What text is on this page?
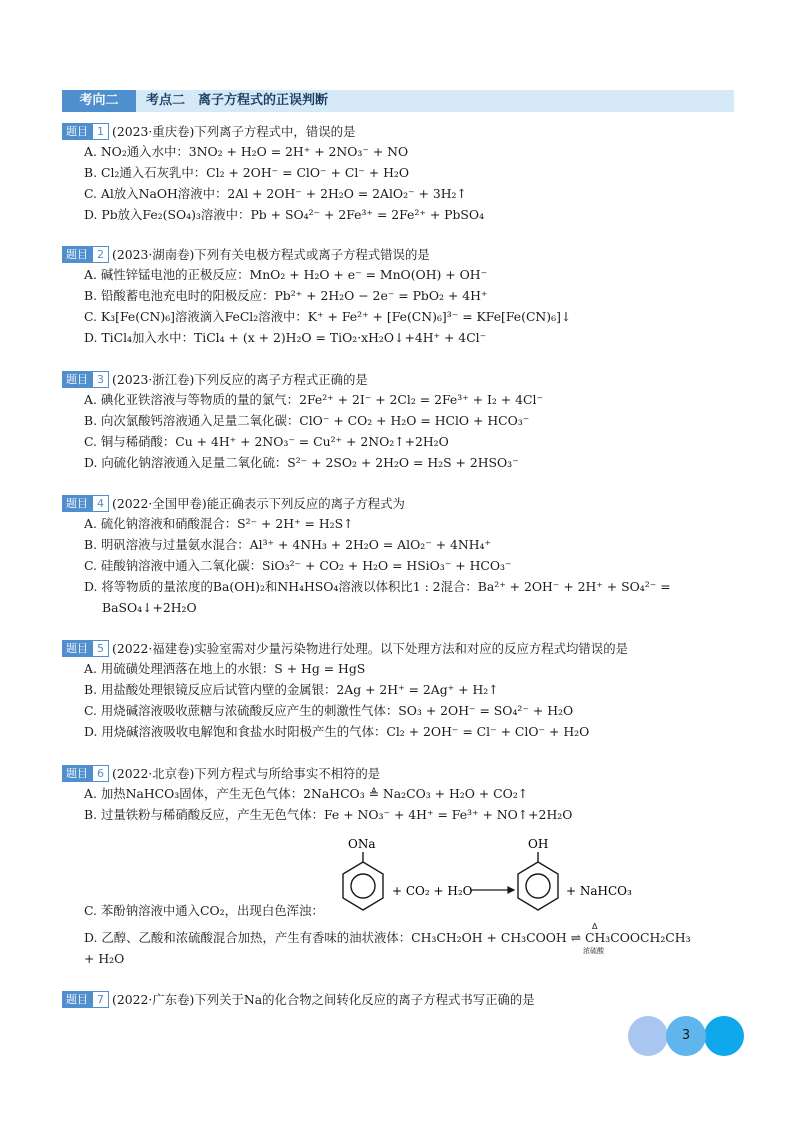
考向二	考点二　离子方程式的正误判断
题目 1 (2023·重庆卷)下列离子方程式中，错误的是
A. NO₂通入水中：3NO₂ + H₂O = 2H⁺ + 2NO₃⁻ + NO
B. Cl₂通入石灰乳中：Cl₂ + 2OH⁻ = ClO⁻ + Cl⁻ + H₂O
C. Al放入NaOH溶液中：2Al + 2OH⁻ + 2H₂O = 2AlO₂⁻ + 3H₂↑
D. Pb放入Fe₂(SO₄)₃溶液中：Pb + SO₄²⁻ + 2Fe³⁺ = 2Fe²⁺ + PbSO₄
题目 2 (2023·湖南卷)下列有关电极方程式或离子方程式错误的是
A. 碱性锌锰电池的正极反应：MnO₂ + H₂O + e⁻ = MnO(OH) + OH⁻
B. 铅酸蓄电池充电时的阳极反应：Pb²⁺ + 2H₂O − 2e⁻ = PbO₂ + 4H⁺
C. K₃[Fe(CN)₆]溶液滴入FeCl₂溶液中：K⁺ + Fe²⁺ + [Fe(CN)₆]³⁻ = KFe[Fe(CN)₆]↓
D. TiCl₄加入水中：TiCl₄ + (x + 2)H₂O = TiO₂·xH₂O↓+4H⁺ + 4Cl⁻
题目 3 (2023·浙江卷)下列反应的离子方程式正确的是
A. 碘化亚铁溶液与等物质的量的氯气：2Fe²⁺ + 2I⁻ + 2Cl₂ = 2Fe³⁺ + I₂ + 4Cl⁻
B. 向次氯酸钙溶液通入足量二氧化碳：ClO⁻ + CO₂ + H₂O = HClO + HCO₃⁻
C. 铜与稀硝酸：Cu + 4H⁺ + 2NO₃⁻ = Cu²⁺ + 2NO₂↑+2H₂O
D. 向硫化钠溶液通入足量二氧化硫：S²⁻ + 2SO₂ + 2H₂O = H₂S + 2HSO₃⁻
题目 4 (2022·全国甲卷)能正确表示下列反应的离子方程式为
A. 硫化钠溶液和硝酸混合：S²⁻ + 2H⁺ = H₂S↑
B. 明矾溶液与过量氨水混合：Al³⁺ + 4NH₃ + 2H₂O = AlO₂⁻ + 4NH₄⁺
C. 硅酸钠溶液中通入二氧化碳：SiO₃²⁻ + CO₂ + H₂O = HSiO₃⁻ + HCO₃⁻
D. 将等物质的量浓度的Ba(OH)₂和NH₄HSO₄溶液以体积比1 : 2混合：Ba²⁺ + 2OH⁻ + 2H⁺ + SO₄²⁻ =
BaSO₄↓+2H₂O
题目 5 (2022·福建卷)实验室需对少量污染物进行处理。以下处理方法和对应的反应方程式均错误的是
A. 用硫磺处理洒落在地上的水银：S + Hg = HgS
B. 用盐酸处理银镜反应后试管内壁的金属银：2Ag + 2H⁺ = 2Ag⁺ + H₂↑
C. 用烧碱溶液吸收蔗糖与浓硫酸反应产生的刺激性气体：SO₃ + 2OH⁻ = SO₄²⁻ + H₂O
D. 用烧碱溶液吸收电解饱和食盐水时阳极产生的气体：Cl₂ + 2OH⁻ = Cl⁻ + ClO⁻ + H₂O
题目 6 (2022·北京卷)下列方程式与所给事实不相符的是
A. 加热NaHCO₃固体，产生无色气体：2NaHCO₃ ≜ Na₂CO₃ + H₂O + CO₂↑
B. 过量铁粉与稀硝酸反应，产生无色气体：Fe + NO₃⁻ + 4H⁺ = Fe³⁺ + NO↑+2H₂O
C. 苯酚钠溶液中通入CO₂，出现白色浑浊：
ONa
+ CO₂ + H₂O
OH
+ NaHCO₃
D. 乙醇、乙酸和浓硫酸混合加热，产生有香味的油状液体：CH₃CH₂OH + CH₃COOH ⇌ CH₃COOCH₂CH₃
+ H₂O
Δ
浓硫酸
题目 7 (2022·广东卷)下列关于Na的化合物之间转化反应的离子方程式书写正确的是
3
